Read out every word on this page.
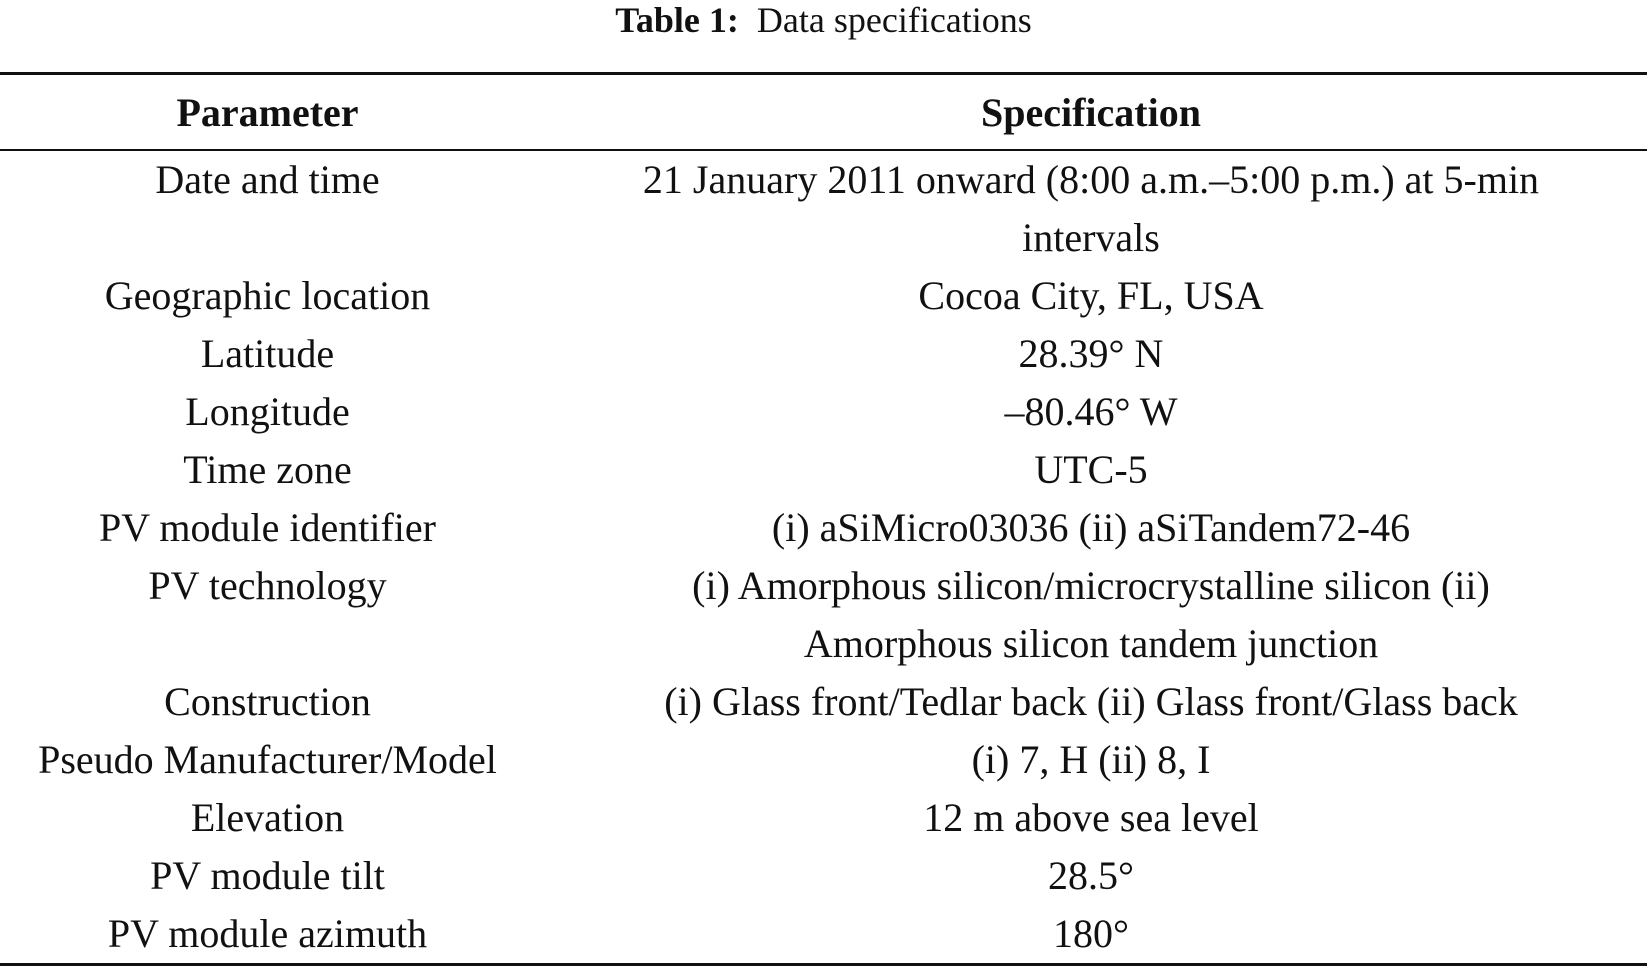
Table 1: Data specifications
Parameter	Specification
Date and time	21 January 2011 onward (8:00 a.m.–5:00 p.m.) at 5-min intervals
Geographic location	Cocoa City, FL, USA
Latitude	28.39° N
Longitude	–80.46° W
Time zone	UTC-5
PV module identifier	(i) aSiMicro03036 (ii) aSiTandem72-46
PV technology	(i) Amorphous silicon/microcrystalline silicon (ii) Amorphous silicon tandem junction
Construction	(i) Glass front/Tedlar back (ii) Glass front/Glass back
Pseudo Manufacturer/Model	(i) 7, H (ii) 8, I
Elevation	12 m above sea level
PV module tilt	28.5°
PV module azimuth	180°
